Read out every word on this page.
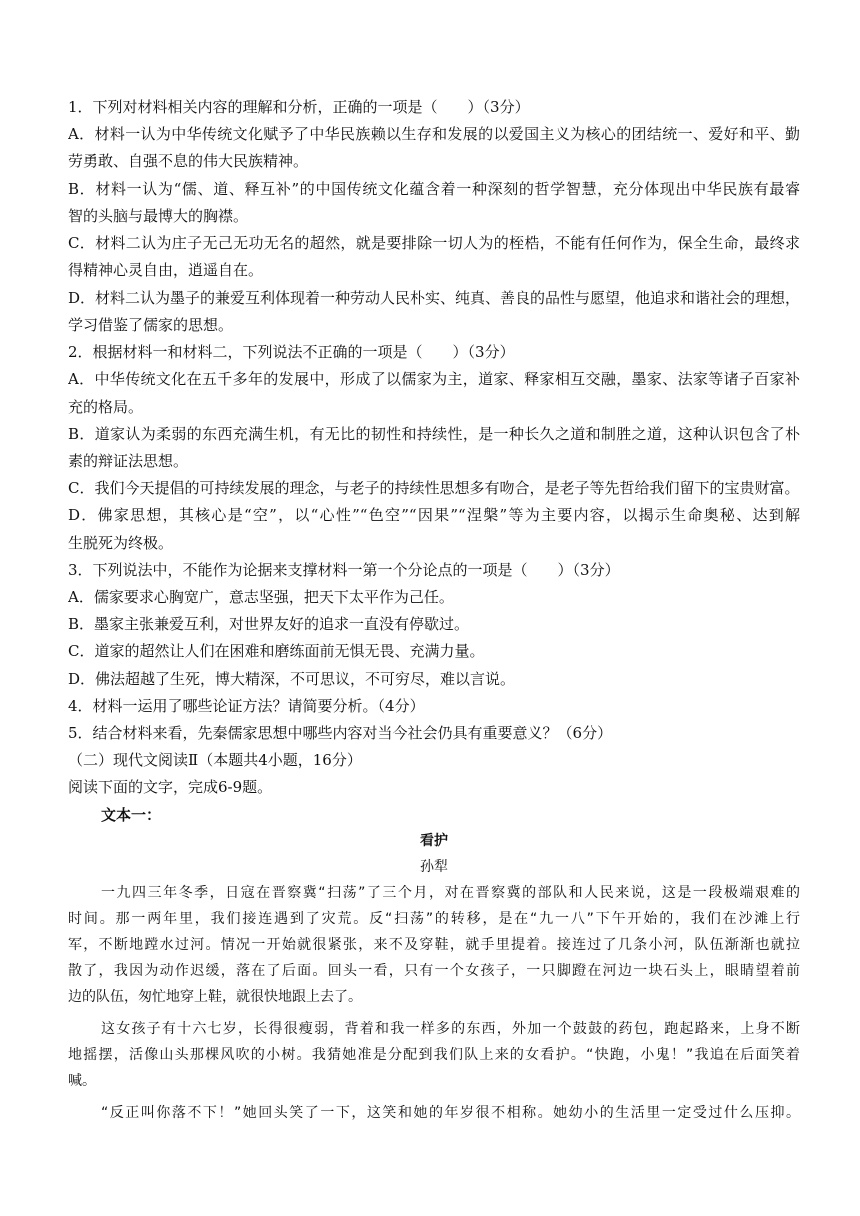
1．下列对材料相关内容的理解和分析，正确的一项是（　　）（3分）
A．材料一认为中华传统文化赋予了中华民族赖以生存和发展的以爱国主义为核心的团结统一、爱好和平、勤
劳勇敢、自强不息的伟大民族精神。
B．材料一认为“儒、道、释互补”的中国传统文化蕴含着一种深刻的哲学智慧，充分体现出中华民族有最睿
智的头脑与最博大的胸襟。
C．材料二认为庄子无己无功无名的超然，就是要排除一切人为的桎梏，不能有任何作为，保全生命，最终求
得精神心灵自由，逍遥自在。
D．材料二认为墨子的兼爱互利体现着一种劳动人民朴实、纯真、善良的品性与愿望，他追求和谐社会的理想，
学习借鉴了儒家的思想。
2．根据材料一和材料二，下列说法不正确的一项是（　　）（3分）
A．中华传统文化在五千多年的发展中，形成了以儒家为主，道家、释家相互交融，墨家、法家等诸子百家补
充的格局。
B．道家认为柔弱的东西充满生机，有无比的韧性和持续性，是一种长久之道和制胜之道，这种认识包含了朴
素的辩证法思想。
C．我们今天提倡的可持续发展的理念，与老子的持续性思想多有吻合，是老子等先哲给我们留下的宝贵财富。
D．佛家思想，其核心是“空”，以“心性”“色空”“因果”“涅槃”等为主要内容，以揭示生命奥秘、达到解
生脱死为终极。
3．下列说法中，不能作为论据来支撑材料一第一个分论点的一项是（　　）（3分）
A．儒家要求心胸宽广，意志坚强，把天下太平作为己任。
B．墨家主张兼爱互利，对世界友好的追求一直没有停歇过。
C．道家的超然让人们在困难和磨练面前无惧无畏、充满力量。
D．佛法超越了生死，博大精深，不可思议，不可穷尽，难以言说。
4．材料一运用了哪些论证方法？请简要分析。（4分）
5．结合材料来看，先秦儒家思想中哪些内容对当今社会仍具有重要意义？（6分）
（二）现代文阅读Ⅱ（本题共4小题，16分）
阅读下面的文字，完成6-9题。
文本一：
看护
孙犁
一九四三年冬季，日寇在晋察冀“扫荡”了三个月，对在晋察冀的部队和人民来说，这是一段极端艰难的
时间。那一两年里，我们接连遇到了灾荒。反“扫荡”的转移，是在“九一八”下午开始的，我们在沙滩上行
军，不断地蹚水过河。情况一开始就很紧张，来不及穿鞋，就手里提着。接连过了几条小河，队伍渐渐也就拉
散了，我因为动作迟缓，落在了后面。回头一看，只有一个女孩子，一只脚蹬在河边一块石头上，眼睛望着前
边的队伍，匆忙地穿上鞋，就很快地跟上去了。
这女孩子有十六七岁，长得很瘦弱，背着和我一样多的东西，外加一个鼓鼓的药包，跑起路来，上身不断
地摇摆，活像山头那棵风吹的小树。我猜她准是分配到我们队上来的女看护。“快跑，小鬼！”我追在后面笑着
喊。
“反正叫你落不下！”她回头笑了一下，这笑和她的年岁很不相称。她幼小的生活里一定受过什么压抑。
